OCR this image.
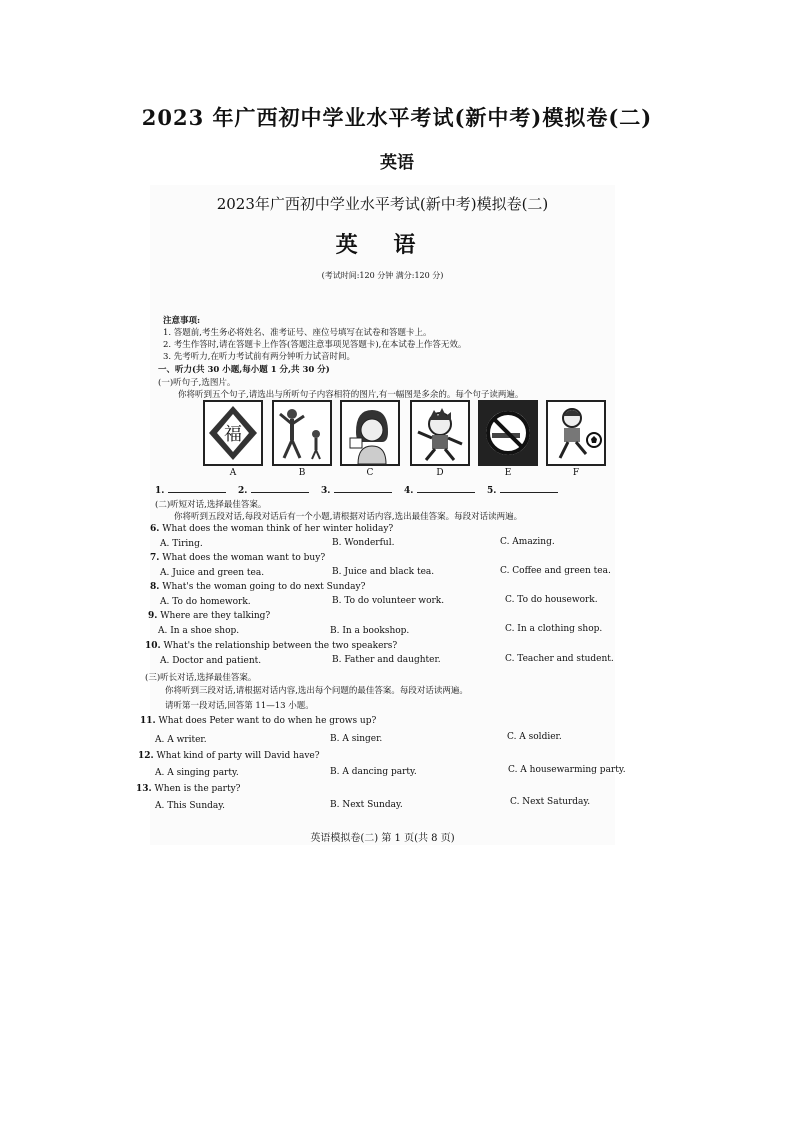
2023 年广西初中学业水平考试(新中考)模拟卷(二)
英语
2023年广西初中学业水平考试(新中考)模拟卷(二)
英 语
(考试时间:120 分钟 满分:120 分)
注意事项:
1. 答题前,考生务必将姓名、准考证号、座位号填写在试卷和答题卡上。
2. 考生作答时,请在答题卡上作答(答题注意事项见答题卡),在本试卷上作答无效。
3. 先考听力,在听力考试前有两分钟听力试音时间。
一、听力(共 30 小题,每小题 1 分,共 30 分)
(一)听句子,选图片。
你将听到五个句子,请选出与所听句子内容相符的图片,有一幅图是多余的。每个句子读两遍。
福
A	B	C	D	E	F
1.	2.	3.	4.	5.
(二)听短对话,选择最佳答案。
你将听到五段对话,每段对话后有一个小题,请根据对话内容,选出最佳答案。每段对话读两遍。
6. What does the woman think of her winter holiday?
A. Tiring.	B. Wonderful.	C. Amazing.
7. What does the woman want to buy?
A. Juice and green tea.	B. Juice and black tea.	C. Coffee and green tea.
8. What's the woman going to do next Sunday?
A. To do homework.	B. To do volunteer work.	C. To do housework.
9. Where are they talking?
A. In a shoe shop.	B. In a bookshop.	C. In a clothing shop.
10. What's the relationship between the two speakers?
A. Doctor and patient.	B. Father and daughter.	C. Teacher and student.
(三)听长对话,选择最佳答案。
你将听到三段对话,请根据对话内容,选出每个问题的最佳答案。每段对话读两遍。
请听第一段对话,回答第 11—13 小题。
11. What does Peter want to do when he grows up?
A. A writer.	B. A singer.	C. A soldier.
12. What kind of party will David have?
A. A singing party.	B. A dancing party.	C. A housewarming party.
13. When is the party?
A. This Sunday.	B. Next Sunday.	C. Next Saturday.
英语模拟卷(二) 第 1 页(共 8 页)
